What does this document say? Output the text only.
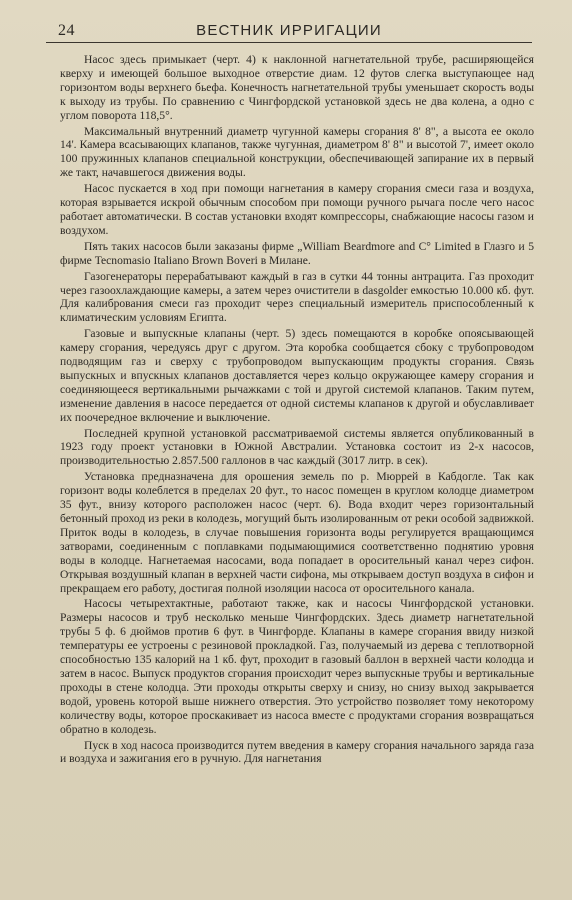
24	ВЕСТНИК ИРРИГАЦИИ

Насос здесь примыкает (черт. 4) к наклонной нагнетательной трубе, расширяющейся кверху и имеющей большое выходное отверстие диам. 12 футов слегка выступающее над горизонтом воды верхнего бьефа. Конечность нагнетательной трубы уменьшает скорость воды к выходу из трубы. По сравнению с Чингфордской установкой здесь не два колена, а одно с углом поворота 118,5°.

Максимальный внутренний диаметр чугунной камеры сгорания 8' 8", а высота ее около 14'. Камера всасывающих клапанов, также чугунная, диаметром 8' 8" и высотой 7', имеет около 100 пружинных клапанов специальной конструкции, обеспечивающей запирание их в первый же такт, начавшегося движения воды.

Насос пускается в ход при помощи нагнетания в камеру сгорания смеси газа и воздуха, которая взрывается искрой обычным способом при помощи ручного рычага после чего насос работает автоматически. В состав установки входят компрессоры, снабжающие насосы газом и воздухом.

Пять таких насосов были заказаны фирме „William Beardmore and C° Limited в Глазго и 5 фирме Tecnomasio Italiano Brown Boveri в Милане.

Газогенераторы перерабатывают каждый в газ в сутки 44 тонны антрацита. Газ проходит через газоохлаждающие камеры, а затем через очистители в dasgolder емкостью 10.000 кб. фут. Для калибрования смеси газ проходит через специальный измеритель приспособленный к климатическим условиям Египта.

Газовые и выпускные клапаны (черт. 5) здесь помещаются в коробке опоясывающей камеру сгорания, чередуясь друг с другом. Эта коробка сообщается сбоку с трубопроводом подводящим газ и сверху с трубопроводом выпускающим продукты сгорания. Связь выпускных и впускных клапанов доставляется через кольцо окружающее камеру сгорания и соединяющееся вертикальными рычажками с той и другой системой клапанов. Таким путем, изменение давления в насосе передается от одной системы клапанов к другой и обуславливает их поочередное включение и выключение.

Последней крупной установкой рассматриваемой системы является опубликованный в 1923 году проект установки в Южной Австралии. Установка состоит из 2-х насосов, производительностью 2.857.500 галлонов в час каждый (3017 литр. в сек).

Установка предназначена для орошения земель по р. Мюррей в Кабдогле. Так как горизонт воды колеблется в пределах 20 фут., то насос помещен в круглом колодце диаметром 35 фут., внизу которого расположен насос (черт. 6). Вода входит через горизонтальный бетонный проход из реки в колодезь, могущий быть изолированным от реки особой задвижкой. Приток воды в колодезь, в случае повышения горизонта воды регулируется вращающимся затворами, соединенным с поплавками подымающимися соответственно поднятию уровня воды в колодце. Нагнетаемая насосами, вода попадает в оросительный канал через сифон. Открывая воздушный клапан в верхней части сифона, мы открываем доступ воздуха в сифон и прекращаем его работу, достигая полной изоляции насоса от оросительного канала.

Насосы четырехтактные, работают также, как и насосы Чингфордской установки. Размеры насосов и труб несколько меньше Чингфордских. Здесь диаметр нагнетательной трубы 5 ф. 6 дюймов против 6 фут. в Чингфорде. Клапаны в камере сгорания ввиду низкой температуры ее устроены с резиновой прокладкой. Газ, получаемый из дерева с теплотворной способностью 135 калорий на 1 кб. фут, проходит в газовый баллон в верхней части колодца и затем в насос. Выпуск продуктов сгорания происходит через выпускные трубы и вертикальные проходы в стене колодца. Эти проходы открыты сверху и снизу, но снизу выход закрывается водой, уровень которой выше нижнего отверстия. Это устройство позволяет тому некоторому количеству воды, которое проскакивает из насоса вместе с продуктами сгорания возвращаться обратно в колодезь.

Пуск в ход насоса производится путем введения в камеру сгорания начального заряда газа и воздуха и зажигания его в ручную. Для нагнетания
